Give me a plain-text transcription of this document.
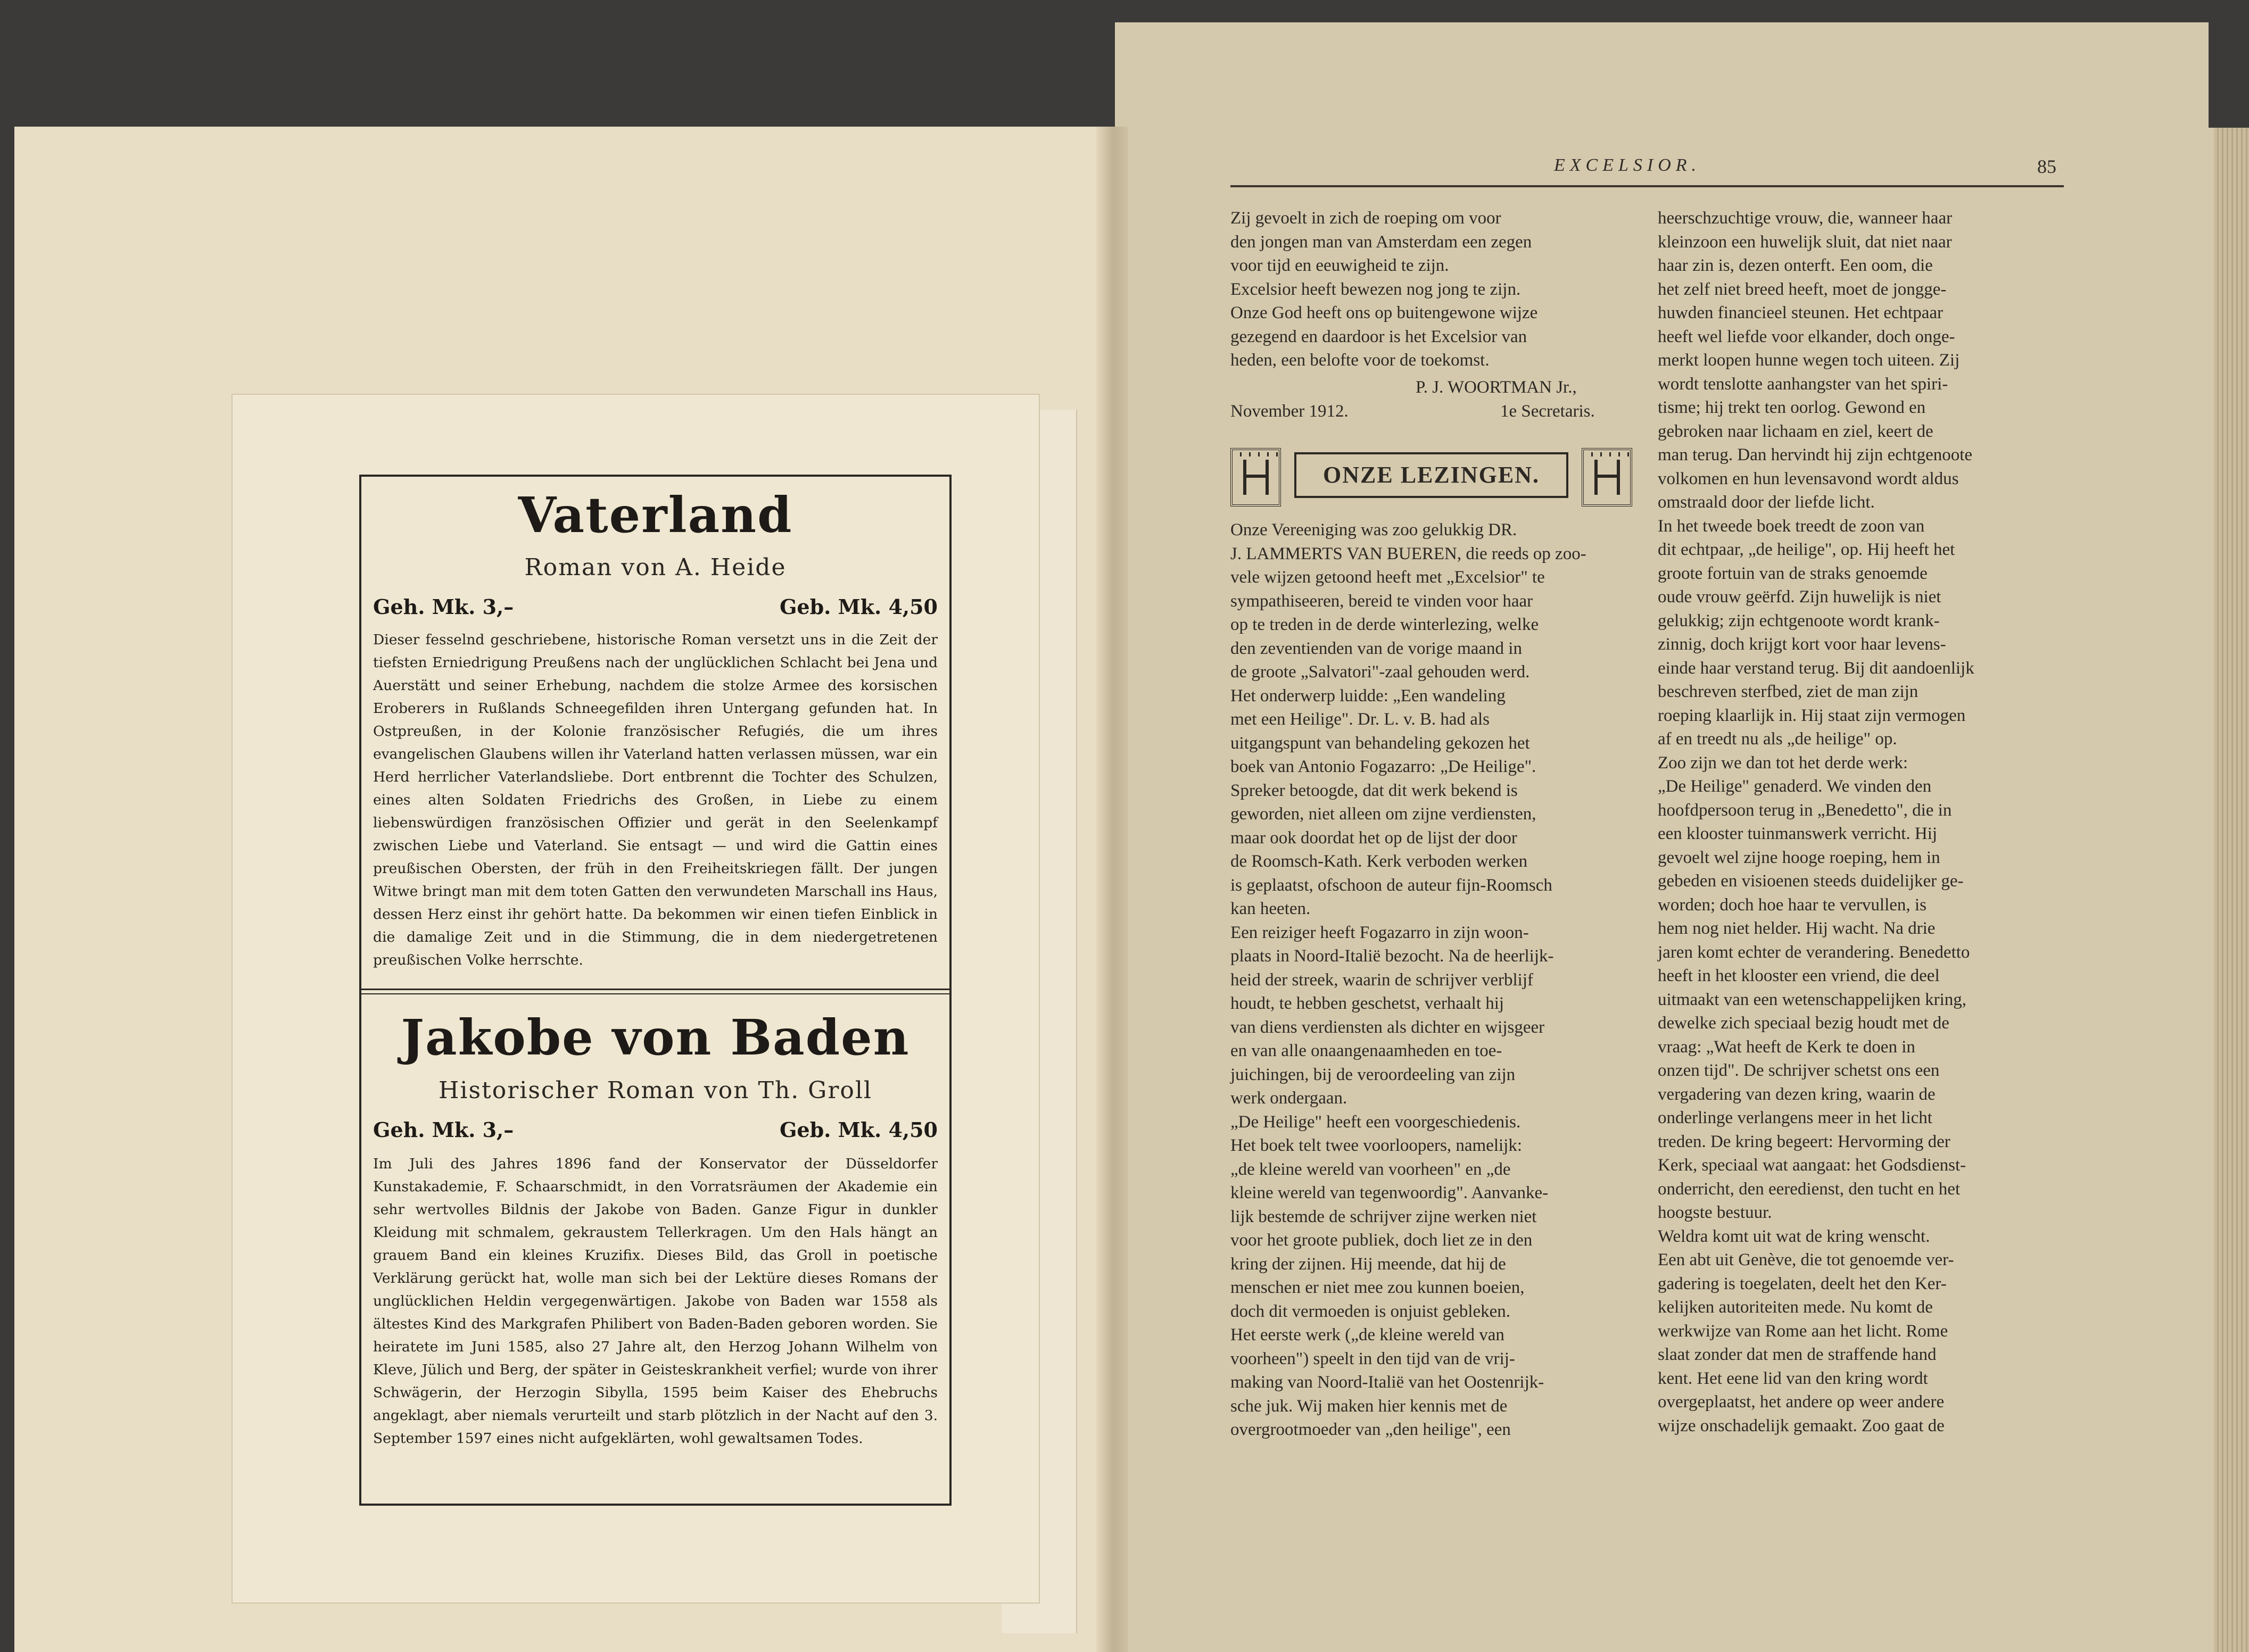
Vaterland
Roman von A. Heide
Geh. Mk. 3,–	Geb. Mk. 4,50

Dieser fesselnd geschriebene, historische Roman versetzt uns in die Zeit der tiefsten Erniedrigung Preußens nach der unglücklichen Schlacht bei Jena und Auerstätt und seiner Erhebung, nachdem die stolze Armee des korsischen Eroberers in Rußlands Schneegefilden ihren Untergang gefunden hat. In Ostpreußen, in der Kolonie französischer Refugiés, die um ihres evangelischen Glaubens willen ihr Vaterland hatten verlassen müssen, war ein Herd herrlicher Vaterlandsliebe. Dort entbrennt die Tochter des Schulzen, eines alten Soldaten Friedrichs des Großen, in Liebe zu einem liebenswürdigen französischen Offizier und gerät in den Seelenkampf zwischen Liebe und Vaterland. Sie entsagt — und wird die Gattin eines preußischen Obersten, der früh in den Freiheitskriegen fällt. Der jungen Witwe bringt man mit dem toten Gatten den verwundeten Marschall ins Haus, dessen Herz einst ihr gehört hatte. Da bekommen wir einen tiefen Einblick in die damalige Zeit und in die Stimmung, die in dem niedergetretenen preußischen Volke herrschte.

Jakobe von Baden
Historischer Roman von Th. Groll
Geh. Mk. 3,–	Geb. Mk. 4,50

Im Juli des Jahres 1896 fand der Konservator der Düsseldorfer Kunstakademie, F. Schaarschmidt, in den Vorratsräumen der Akademie ein sehr wertvolles Bildnis der Jakobe von Baden. Ganze Figur in dunkler Kleidung mit schmalem, gekraustem Tellerkragen. Um den Hals hängt an grauem Band ein kleines Kruzifix. Dieses Bild, das Groll in poetische Verklärung gerückt hat, wolle man sich bei der Lektüre dieses Romans der unglücklichen Heldin vergegenwärtigen. Jakobe von Baden war 1558 als ältestes Kind des Markgrafen Philibert von Baden-Baden geboren worden. Sie heiratete im Juni 1585, also 27 Jahre alt, den Herzog Johann Wilhelm von Kleve, Jülich und Berg, der später in Geisteskrankheit verfiel; wurde von ihrer Schwägerin, der Herzogin Sibylla, 1595 beim Kaiser des Ehebruchs angeklagt, aber niemals verurteilt und starb plötzlich in der Nacht auf den 3. September 1597 eines nicht aufgeklärten, wohl gewaltsamen Todes.

EXCELSIOR.	85

Zij gevoelt in zich de roeping om voor
den jongen man van Amsterdam een zegen
voor tijd en eeuwigheid te zijn.
Excelsior heeft bewezen nog jong te zijn.
Onze God heeft ons op buitengewone wijze
gezegend en daardoor is het Excelsior van
heden, een belofte voor de toekomst.

P. J. WOORTMAN Jr.,
November 1912.	1e Secretaris.
ONZE LEZINGEN.

Onze Vereeniging was zoo gelukkig DR.
J. LAMMERTS VAN BUEREN, die reeds op zoo-
vele wijzen getoond heeft met „Excelsior" te
sympathiseeren, bereid te vinden voor haar
op te treden in de derde winterlezing, welke
den zeventienden van de vorige maand in
de groote „Salvatori"-zaal gehouden werd.
Het onderwerp luidde: „Een wandeling
met een Heilige". Dr. L. v. B. had als
uitgangspunt van behandeling gekozen het
boek van Antonio Fogazarro: „De Heilige".
Spreker betoogde, dat dit werk bekend is
geworden, niet alleen om zijne verdiensten,
maar ook doordat het op de lijst der door
de Roomsch-Kath. Kerk verboden werken
is geplaatst, ofschoon de auteur fijn-Roomsch
kan heeten.
Een reiziger heeft Fogazarro in zijn woon-
plaats in Noord-Italië bezocht. Na de heerlijk-
heid der streek, waarin de schrijver verblijf
houdt, te hebben geschetst, verhaalt hij
van diens verdiensten als dichter en wijsgeer
en van alle onaangenaamheden en toe-
juichingen, bij de veroordeeling van zijn
werk ondergaan.
„De Heilige" heeft een voorgeschiedenis.
Het boek telt twee voorloopers, namelijk:
„de kleine wereld van voorheen" en „de
kleine wereld van tegenwoordig". Aanvanke-
lijk bestemde de schrijver zijne werken niet
voor het groote publiek, doch liet ze in den
kring der zijnen. Hij meende, dat hij de
menschen er niet mee zou kunnen boeien,
doch dit vermoeden is onjuist gebleken.
Het eerste werk („de kleine wereld van
voorheen") speelt in den tijd van de vrij-
making van Noord-Italië van het Oostenrijk-
sche juk. Wij maken hier kennis met de
overgrootmoeder van „den heilige", een

heerschzuchtige vrouw, die, wanneer haar
kleinzoon een huwelijk sluit, dat niet naar
haar zin is, dezen onterft. Een oom, die
het zelf niet breed heeft, moet de jongge-
huwden financieel steunen. Het echtpaar
heeft wel liefde voor elkander, doch onge-
merkt loopen hunne wegen toch uiteen. Zij
wordt tenslotte aanhangster van het spiri-
tisme; hij trekt ten oorlog. Gewond en
gebroken naar lichaam en ziel, keert de
man terug. Dan hervindt hij zijn echtgenoote
volkomen en hun levensavond wordt aldus
omstraald door der liefde licht.
In het tweede boek treedt de zoon van
dit echtpaar, „de heilige", op. Hij heeft het
groote fortuin van de straks genoemde
oude vrouw geërfd. Zijn huwelijk is niet
gelukkig; zijn echtgenoote wordt krank-
zinnig, doch krijgt kort voor haar levens-
einde haar verstand terug. Bij dit aandoenlijk
beschreven sterfbed, ziet de man zijn
roeping klaarlijk in. Hij staat zijn vermogen
af en treedt nu als „de heilige" op.
Zoo zijn we dan tot het derde werk:
„De Heilige" genaderd. We vinden den
hoofdpersoon terug in „Benedetto", die in
een klooster tuinmanswerk verricht. Hij
gevoelt wel zijne hooge roeping, hem in
gebeden en visioenen steeds duidelijker ge-
worden; doch hoe haar te vervullen, is
hem nog niet helder. Hij wacht. Na drie
jaren komt echter de verandering. Benedetto
heeft in het klooster een vriend, die deel
uitmaakt van een wetenschappelijken kring,
dewelke zich speciaal bezig houdt met de
vraag: „Wat heeft de Kerk te doen in
onzen tijd". De schrijver schetst ons een
vergadering van dezen kring, waarin de
onderlinge verlangens meer in het licht
treden. De kring begeert: Hervorming der
Kerk, speciaal wat aangaat: het Godsdienst-
onderricht, den eeredienst, den tucht en het
hoogste bestuur.
Weldra komt uit wat de kring wenscht.
Een abt uit Genève, die tot genoemde ver-
gadering is toegelaten, deelt het den Ker-
kelijken autoriteiten mede. Nu komt de
werkwijze van Rome aan het licht. Rome
slaat zonder dat men de straffende hand
kent. Het eene lid van den kring wordt
overgeplaatst, het andere op weer andere
wijze onschadelijk gemaakt. Zoo gaat de
